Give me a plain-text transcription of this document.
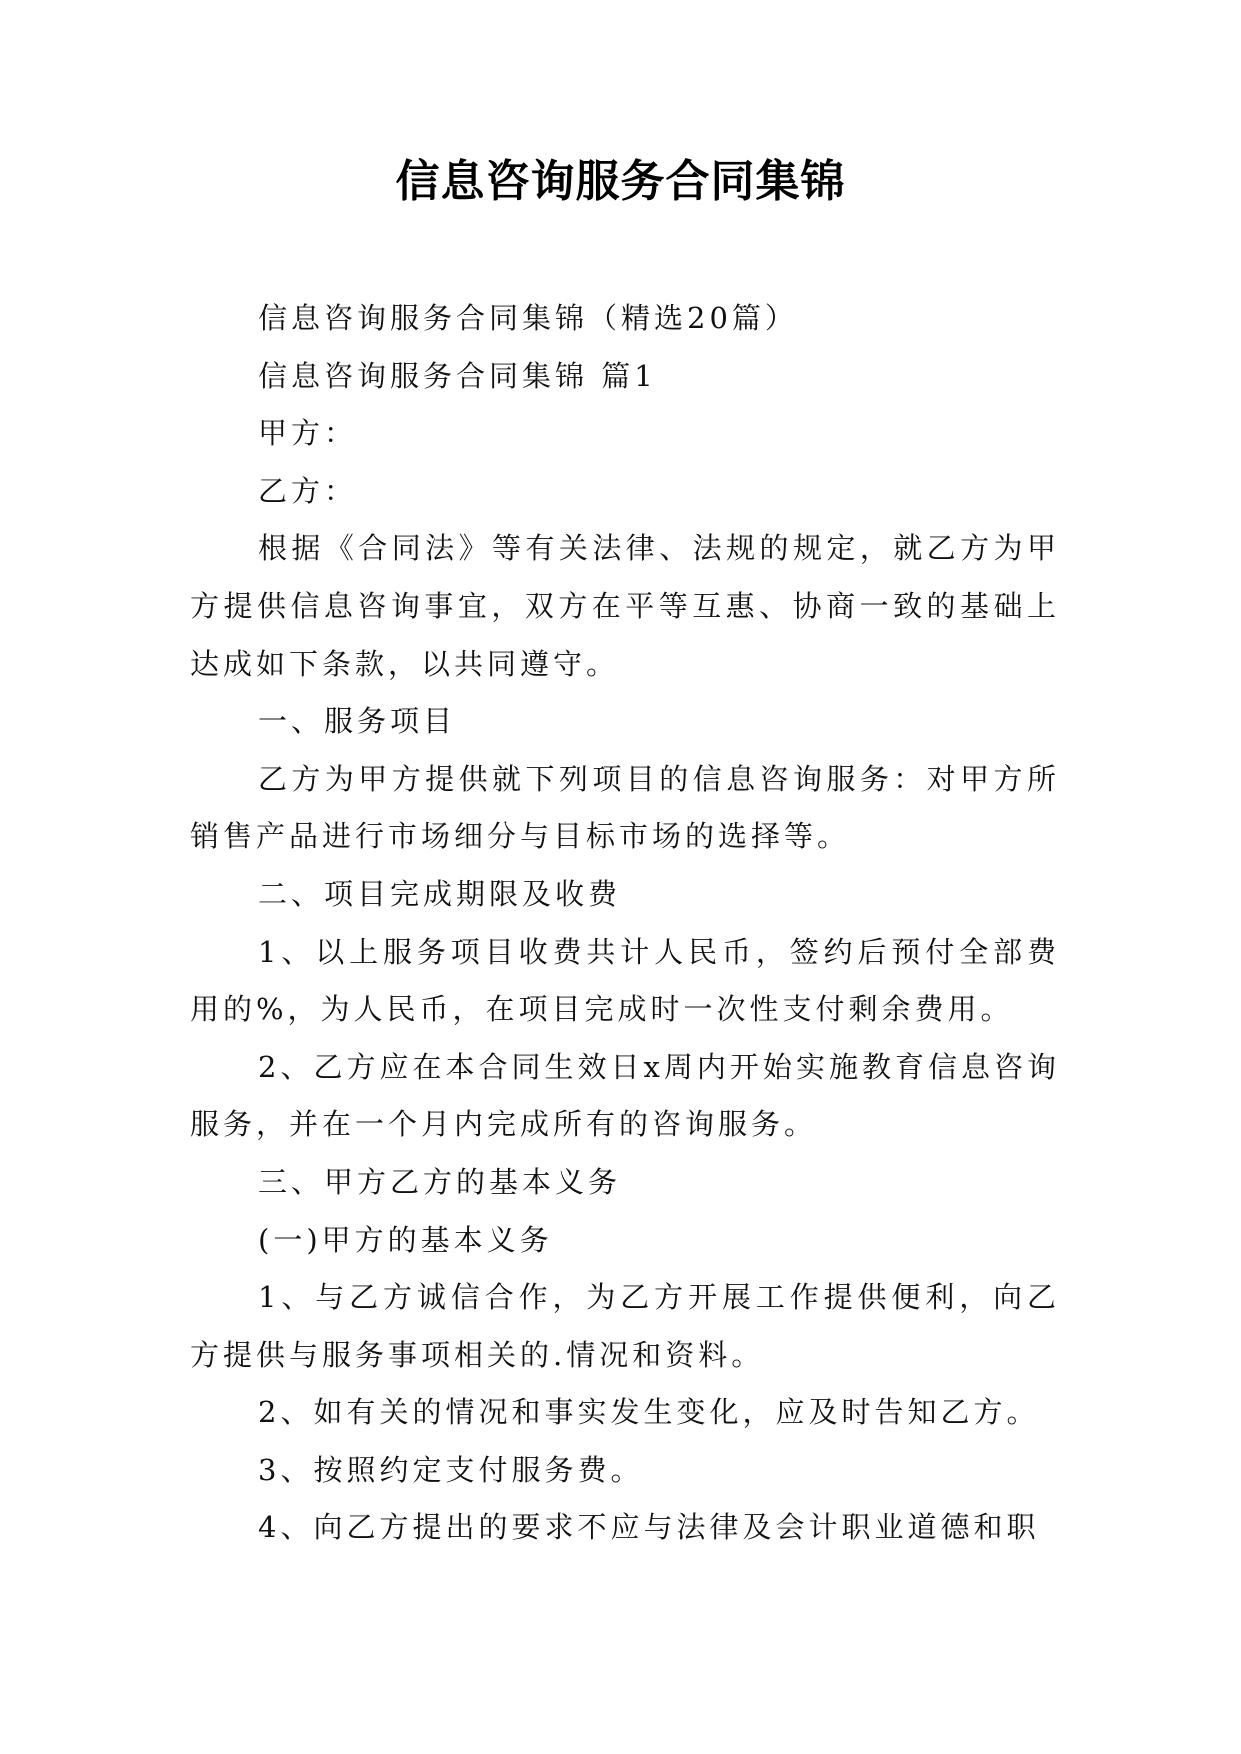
信息咨询服务合同集锦

信息咨询服务合同集锦（精选20篇）

信息咨询服务合同集锦 篇1

甲方：

乙方：

根据《合同法》等有关法律、法规的规定，就乙方为甲方提供信息咨询事宜，双方在平等互惠、协商一致的基础上达成如下条款，以共同遵守。

一、服务项目

乙方为甲方提供就下列项目的信息咨询服务：对甲方所销售产品进行市场细分与目标市场的选择等。

二、项目完成期限及收费

1、以上服务项目收费共计人民币，签约后预付全部费用的%，为人民币，在项目完成时一次性支付剩余费用。

2、乙方应在本合同生效日x周内开始实施教育信息咨询服务，并在一个月内完成所有的咨询服务。

三、甲方乙方的基本义务

(一)甲方的基本义务

1、与乙方诚信合作，为乙方开展工作提供便利，向乙方提供与服务事项相关的.情况和资料。

2、如有关的情况和事实发生变化，应及时告知乙方。

3、按照约定支付服务费。

4、向乙方提出的要求不应与法律及会计职业道德和职
